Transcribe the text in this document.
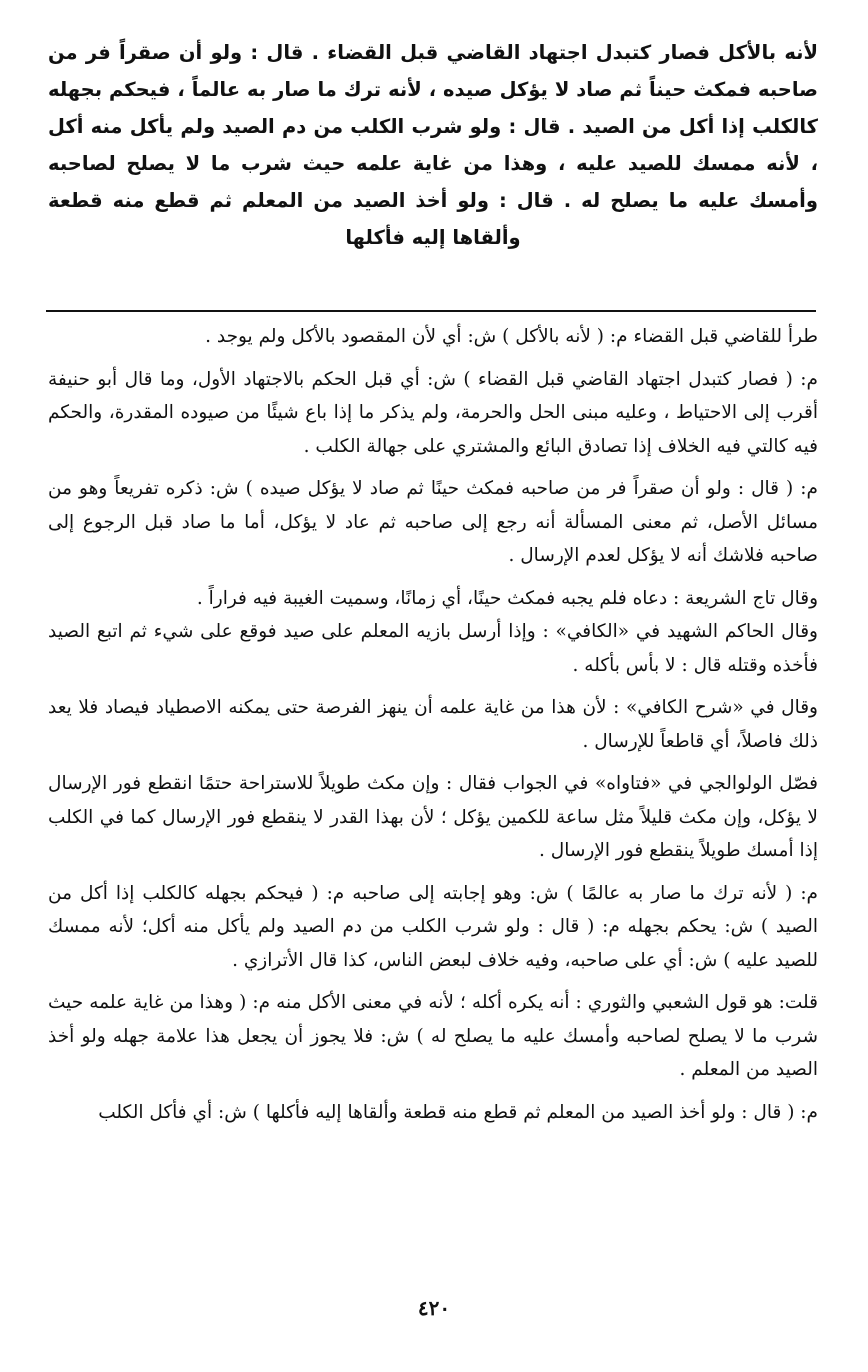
لأنه بالأكل فصار كتبدل اجتهاد القاضي قبل القضاء . قال : ولو أن صقراً فر من صاحبه فمكث حيناً ثم صاد لا يؤكل صيده ، لأنه ترك ما صار به عالماً ، فيحكم بجهله كالكلب إذا أكل من الصيد . قال : ولو شرب الكلب من دم الصيد ولم يأكل منه أكل ، لأنه ممسك للصيد عليه ، وهذا من غاية علمه حيث شرب ما لا يصلح لصاحبه وأمسك عليه ما يصلح له . قال : ولو أخذ الصيد من المعلم ثم قطع منه قطعة وألقاها إليه فأكلها

طرأ للقاضي قبل القضاء م: ( لأنه بالأكل ) ش: أي لأن المقصود بالأكل ولم يوجد .

م: ( فصار كتبدل اجتهاد القاضي قبل القضاء ) ش: أي قبل الحكم بالاجتهاد الأول، وما قال أبو حنيفة أقرب إلى الاحتياط ، وعليه مبنى الحل والحرمة، ولم يذكر ما إذا باع شيئًا من صيوده المقدرة، والحكم فيه كالتي فيه الخلاف إذا تصادق البائع والمشتري على جهالة الكلب .

م: ( قال : ولو أن صقراً فر من صاحبه فمكث حينًا ثم صاد لا يؤكل صيده ) ش: ذكره تفريعاً وهو من مسائل الأصل، ثم معنى المسألة أنه رجع إلى صاحبه ثم عاد لا يؤكل، أما ما صاد قبل الرجوع إلى صاحبه فلاشك أنه لا يؤكل لعدم الإرسال .

وقال تاج الشريعة : دعاه فلم يجبه فمكث حينًا، أي زمانًا، وسميت الغيبة فيه فراراً .

وقال الحاكم الشهيد في «الكافي» : وإذا أرسل بازيه المعلم على صيد فوقع على شيء ثم اتبع الصيد فأخذه وقتله قال : لا بأس بأكله .

وقال في «شرح الكافي» : لأن هذا من غاية علمه أن ينهز الفرصة حتى يمكنه الاصطياد فيصاد فلا يعد ذلك فاصلاً، أي قاطعاً للإرسال .

فصّل الولوالجي في «فتاواه» في الجواب فقال : وإن مكث طويلاً للاستراحة حتمًا انقطع فور الإرسال لا يؤكل، وإن مكث قليلاً مثل ساعة للكمين يؤكل ؛ لأن بهذا القدر لا ينقطع فور الإرسال كما في الكلب إذا أمسك طويلاً ينقطع فور الإرسال .

م: ( لأنه ترك ما صار به عالمًا ) ش: وهو إجابته إلى صاحبه م: ( فيحكم بجهله كالكلب إذا أكل من الصيد ) ش: يحكم بجهله م: ( قال : ولو شرب الكلب من دم الصيد ولم يأكل منه أكل؛ لأنه ممسك للصيد عليه ) ش: أي على صاحبه، وفيه خلاف لبعض الناس، كذا قال الأترازي .

قلت: هو قول الشعبي والثوري : أنه يكره أكله ؛ لأنه في معنى الأكل منه م: ( وهذا من غاية علمه حيث شرب ما لا يصلح لصاحبه وأمسك عليه ما يصلح له ) ش: فلا يجوز أن يجعل هذا علامة جهله ولو أخذ الصيد من المعلم .

م: ( قال : ولو أخذ الصيد من المعلم ثم قطع منه قطعة وألقاها إليه فأكلها ) ش: أي فأكل الكلب

٤٢٠
